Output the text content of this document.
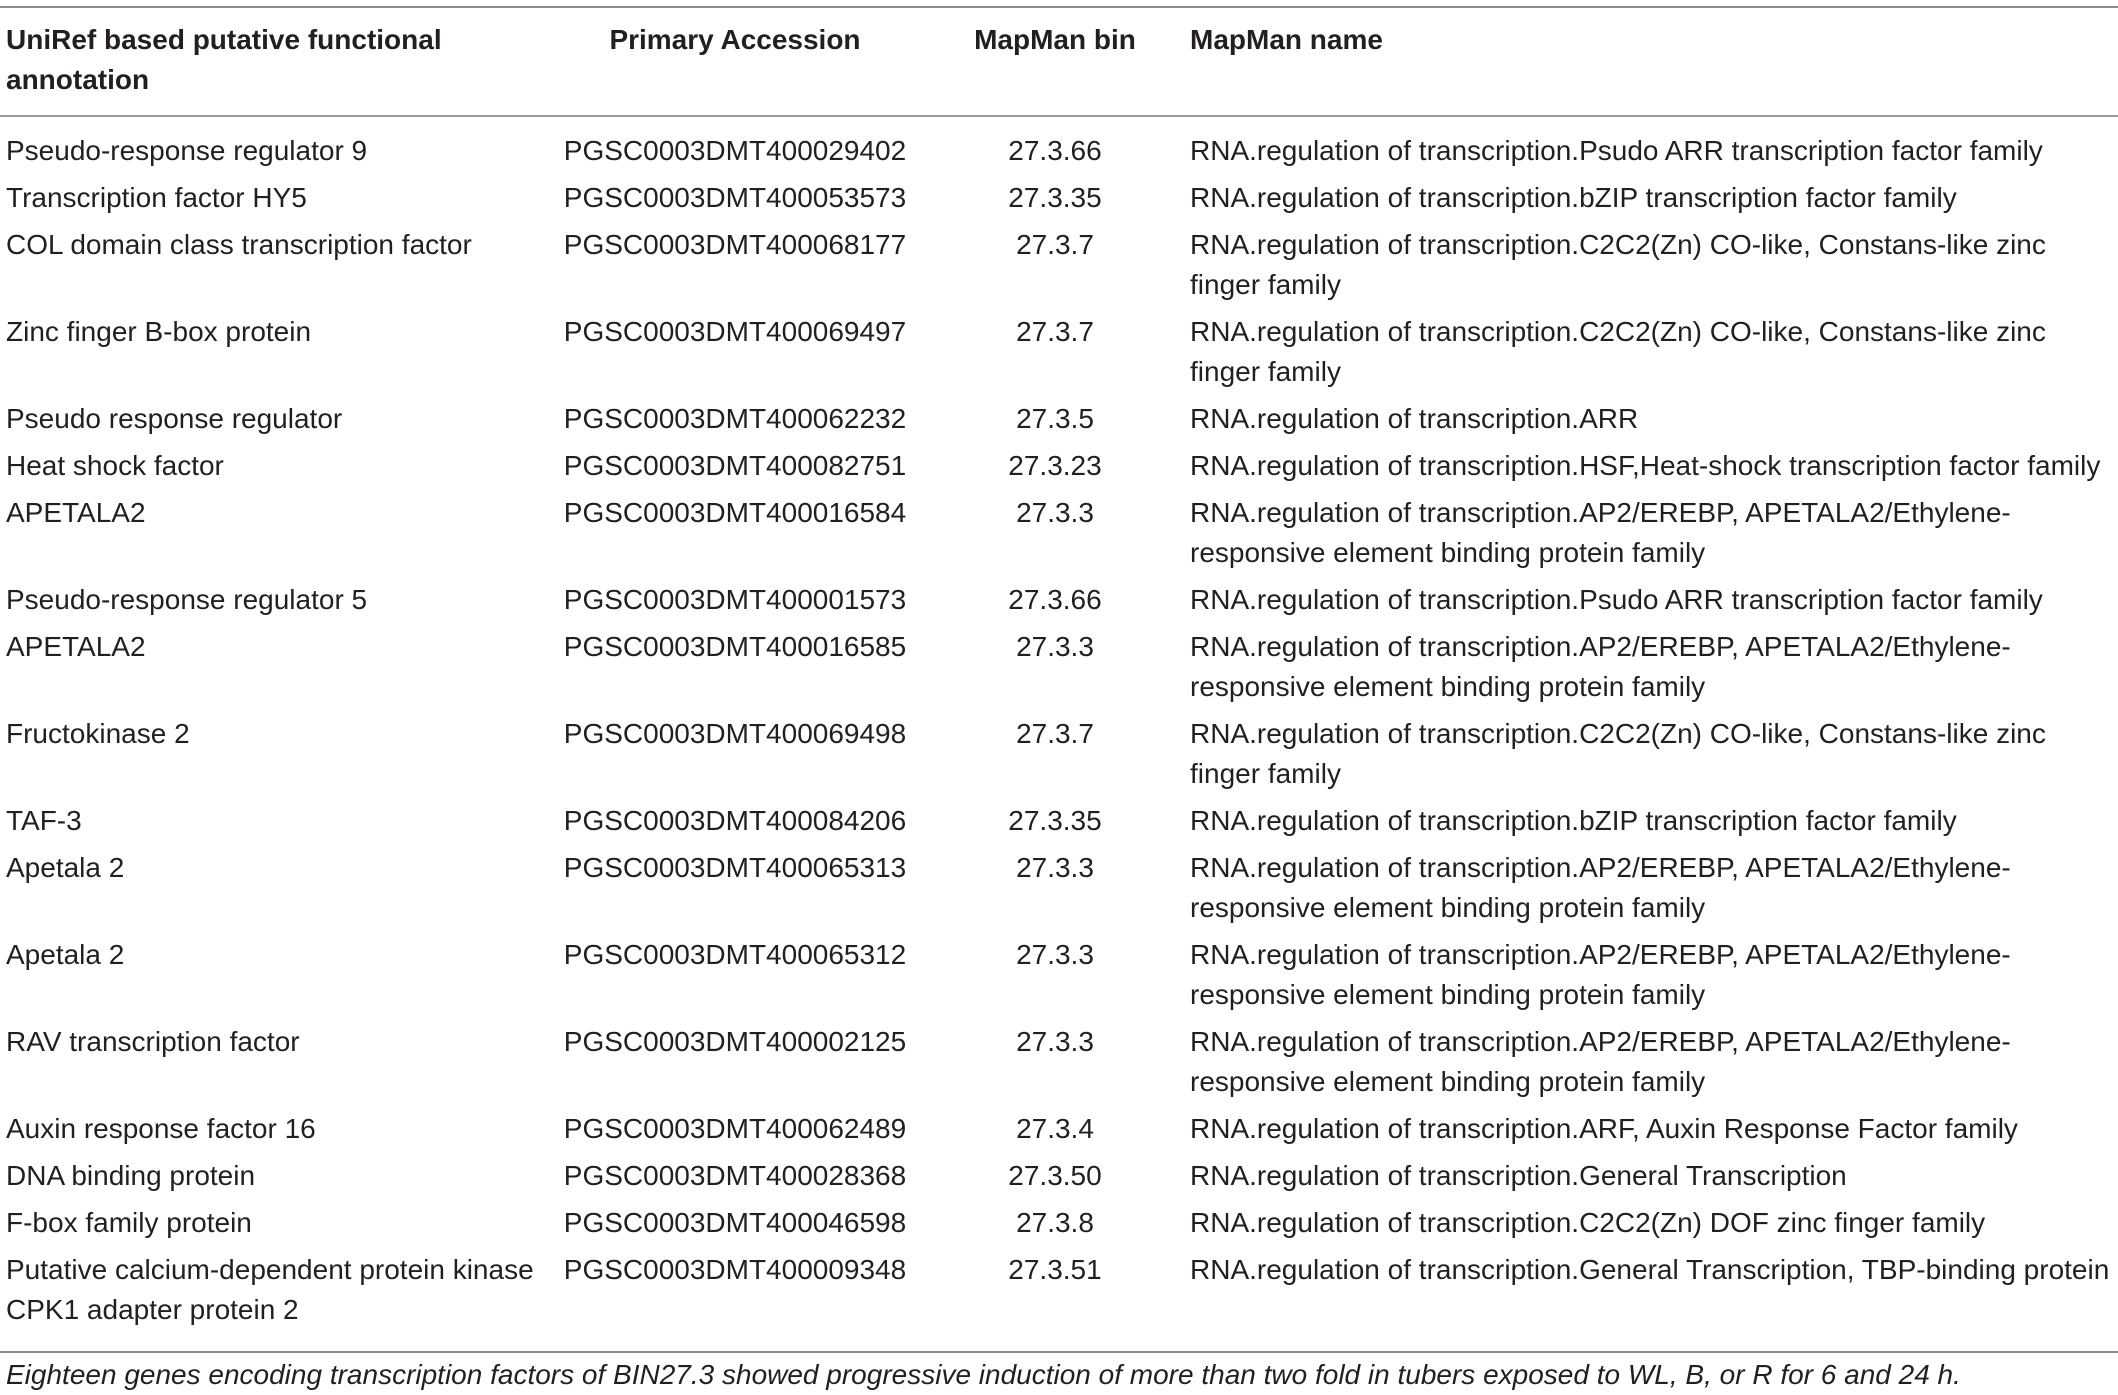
UniRef based putative functional annotation	Primary Accession	MapMan bin	MapMan name
Pseudo-response regulator 9	PGSC0003DMT400029402	27.3.66	RNA.regulation of transcription.Psudo ARR transcription factor family
Transcription factor HY5	PGSC0003DMT400053573	27.3.35	RNA.regulation of transcription.bZIP transcription factor family
COL domain class transcription factor	PGSC0003DMT400068177	27.3.7	RNA.regulation of transcription.C2C2(Zn) CO-like, Constans-like zinc finger family
Zinc finger B-box protein	PGSC0003DMT400069497	27.3.7	RNA.regulation of transcription.C2C2(Zn) CO-like, Constans-like zinc finger family
Pseudo response regulator	PGSC0003DMT400062232	27.3.5	RNA.regulation of transcription.ARR
Heat shock factor	PGSC0003DMT400082751	27.3.23	RNA.regulation of transcription.HSF,Heat-shock transcription factor family
APETALA2	PGSC0003DMT400016584	27.3.3	RNA.regulation of transcription.AP2/EREBP, APETALA2/Ethylene-responsive element binding protein family
Pseudo-response regulator 5	PGSC0003DMT400001573	27.3.66	RNA.regulation of transcription.Psudo ARR transcription factor family
APETALA2	PGSC0003DMT400016585	27.3.3	RNA.regulation of transcription.AP2/EREBP, APETALA2/Ethylene-responsive element binding protein family
Fructokinase 2	PGSC0003DMT400069498	27.3.7	RNA.regulation of transcription.C2C2(Zn) CO-like, Constans-like zinc finger family
TAF-3	PGSC0003DMT400084206	27.3.35	RNA.regulation of transcription.bZIP transcription factor family
Apetala 2	PGSC0003DMT400065313	27.3.3	RNA.regulation of transcription.AP2/EREBP, APETALA2/Ethylene-responsive element binding protein family
Apetala 2	PGSC0003DMT400065312	27.3.3	RNA.regulation of transcription.AP2/EREBP, APETALA2/Ethylene-responsive element binding protein family
RAV transcription factor	PGSC0003DMT400002125	27.3.3	RNA.regulation of transcription.AP2/EREBP, APETALA2/Ethylene-responsive element binding protein family
Auxin response factor 16	PGSC0003DMT400062489	27.3.4	RNA.regulation of transcription.ARF, Auxin Response Factor family
DNA binding protein	PGSC0003DMT400028368	27.3.50	RNA.regulation of transcription.General Transcription
F-box family protein	PGSC0003DMT400046598	27.3.8	RNA.regulation of transcription.C2C2(Zn) DOF zinc finger family
Putative calcium-dependent protein kinase CPK1 adapter protein 2	PGSC0003DMT400009348	27.3.51	RNA.regulation of transcription.General Transcription, TBP-binding protein
Eighteen genes encoding transcription factors of BIN27.3 showed progressive induction of more than two fold in tubers exposed to WL, B, or R for 6 and 24 h.
